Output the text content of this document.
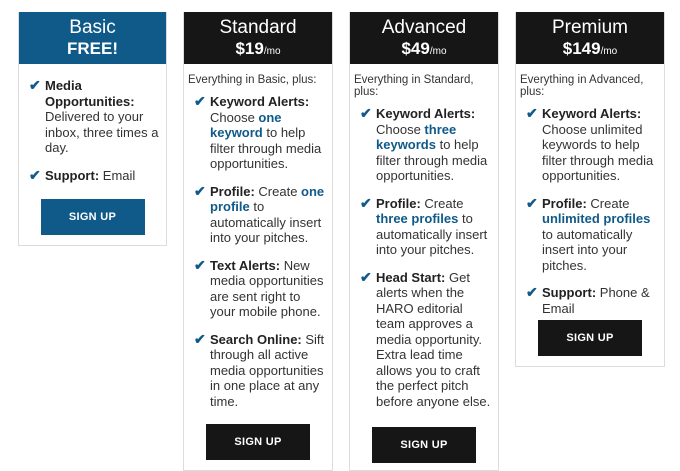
Basic
FREE!
✔ Media Opportunities: Delivered to your inbox, three times a day.
✔ Support: Email
SIGN UP
Standard
$19/mo
Everything in Basic, plus:
✔ Keyword Alerts: Choose one keyword to help filter through media opportunities.
✔ Profile: Create one profile to automatically insert into your pitches.
✔ Text Alerts: New media opportunities are sent right to your mobile phone.
✔ Search Online: Sift through all active media opportunities in one place at any time.
SIGN UP
Advanced
$49/mo
Everything in Standard, plus:
✔ Keyword Alerts: Choose three keywords to help filter through media opportunities.
✔ Profile: Create three profiles to automatically insert into your pitches.
✔ Head Start: Get alerts when the HARO editorial team approves a media opportunity. Extra lead time allows you to craft the perfect pitch before anyone else.
SIGN UP
Premium
$149/mo
Everything in Advanced, plus:
✔ Keyword Alerts: Choose unlimited keywords to help filter through media opportunities.
✔ Profile: Create unlimited profiles to automatically insert into your pitches.
✔ Support: Phone & Email
SIGN UP
